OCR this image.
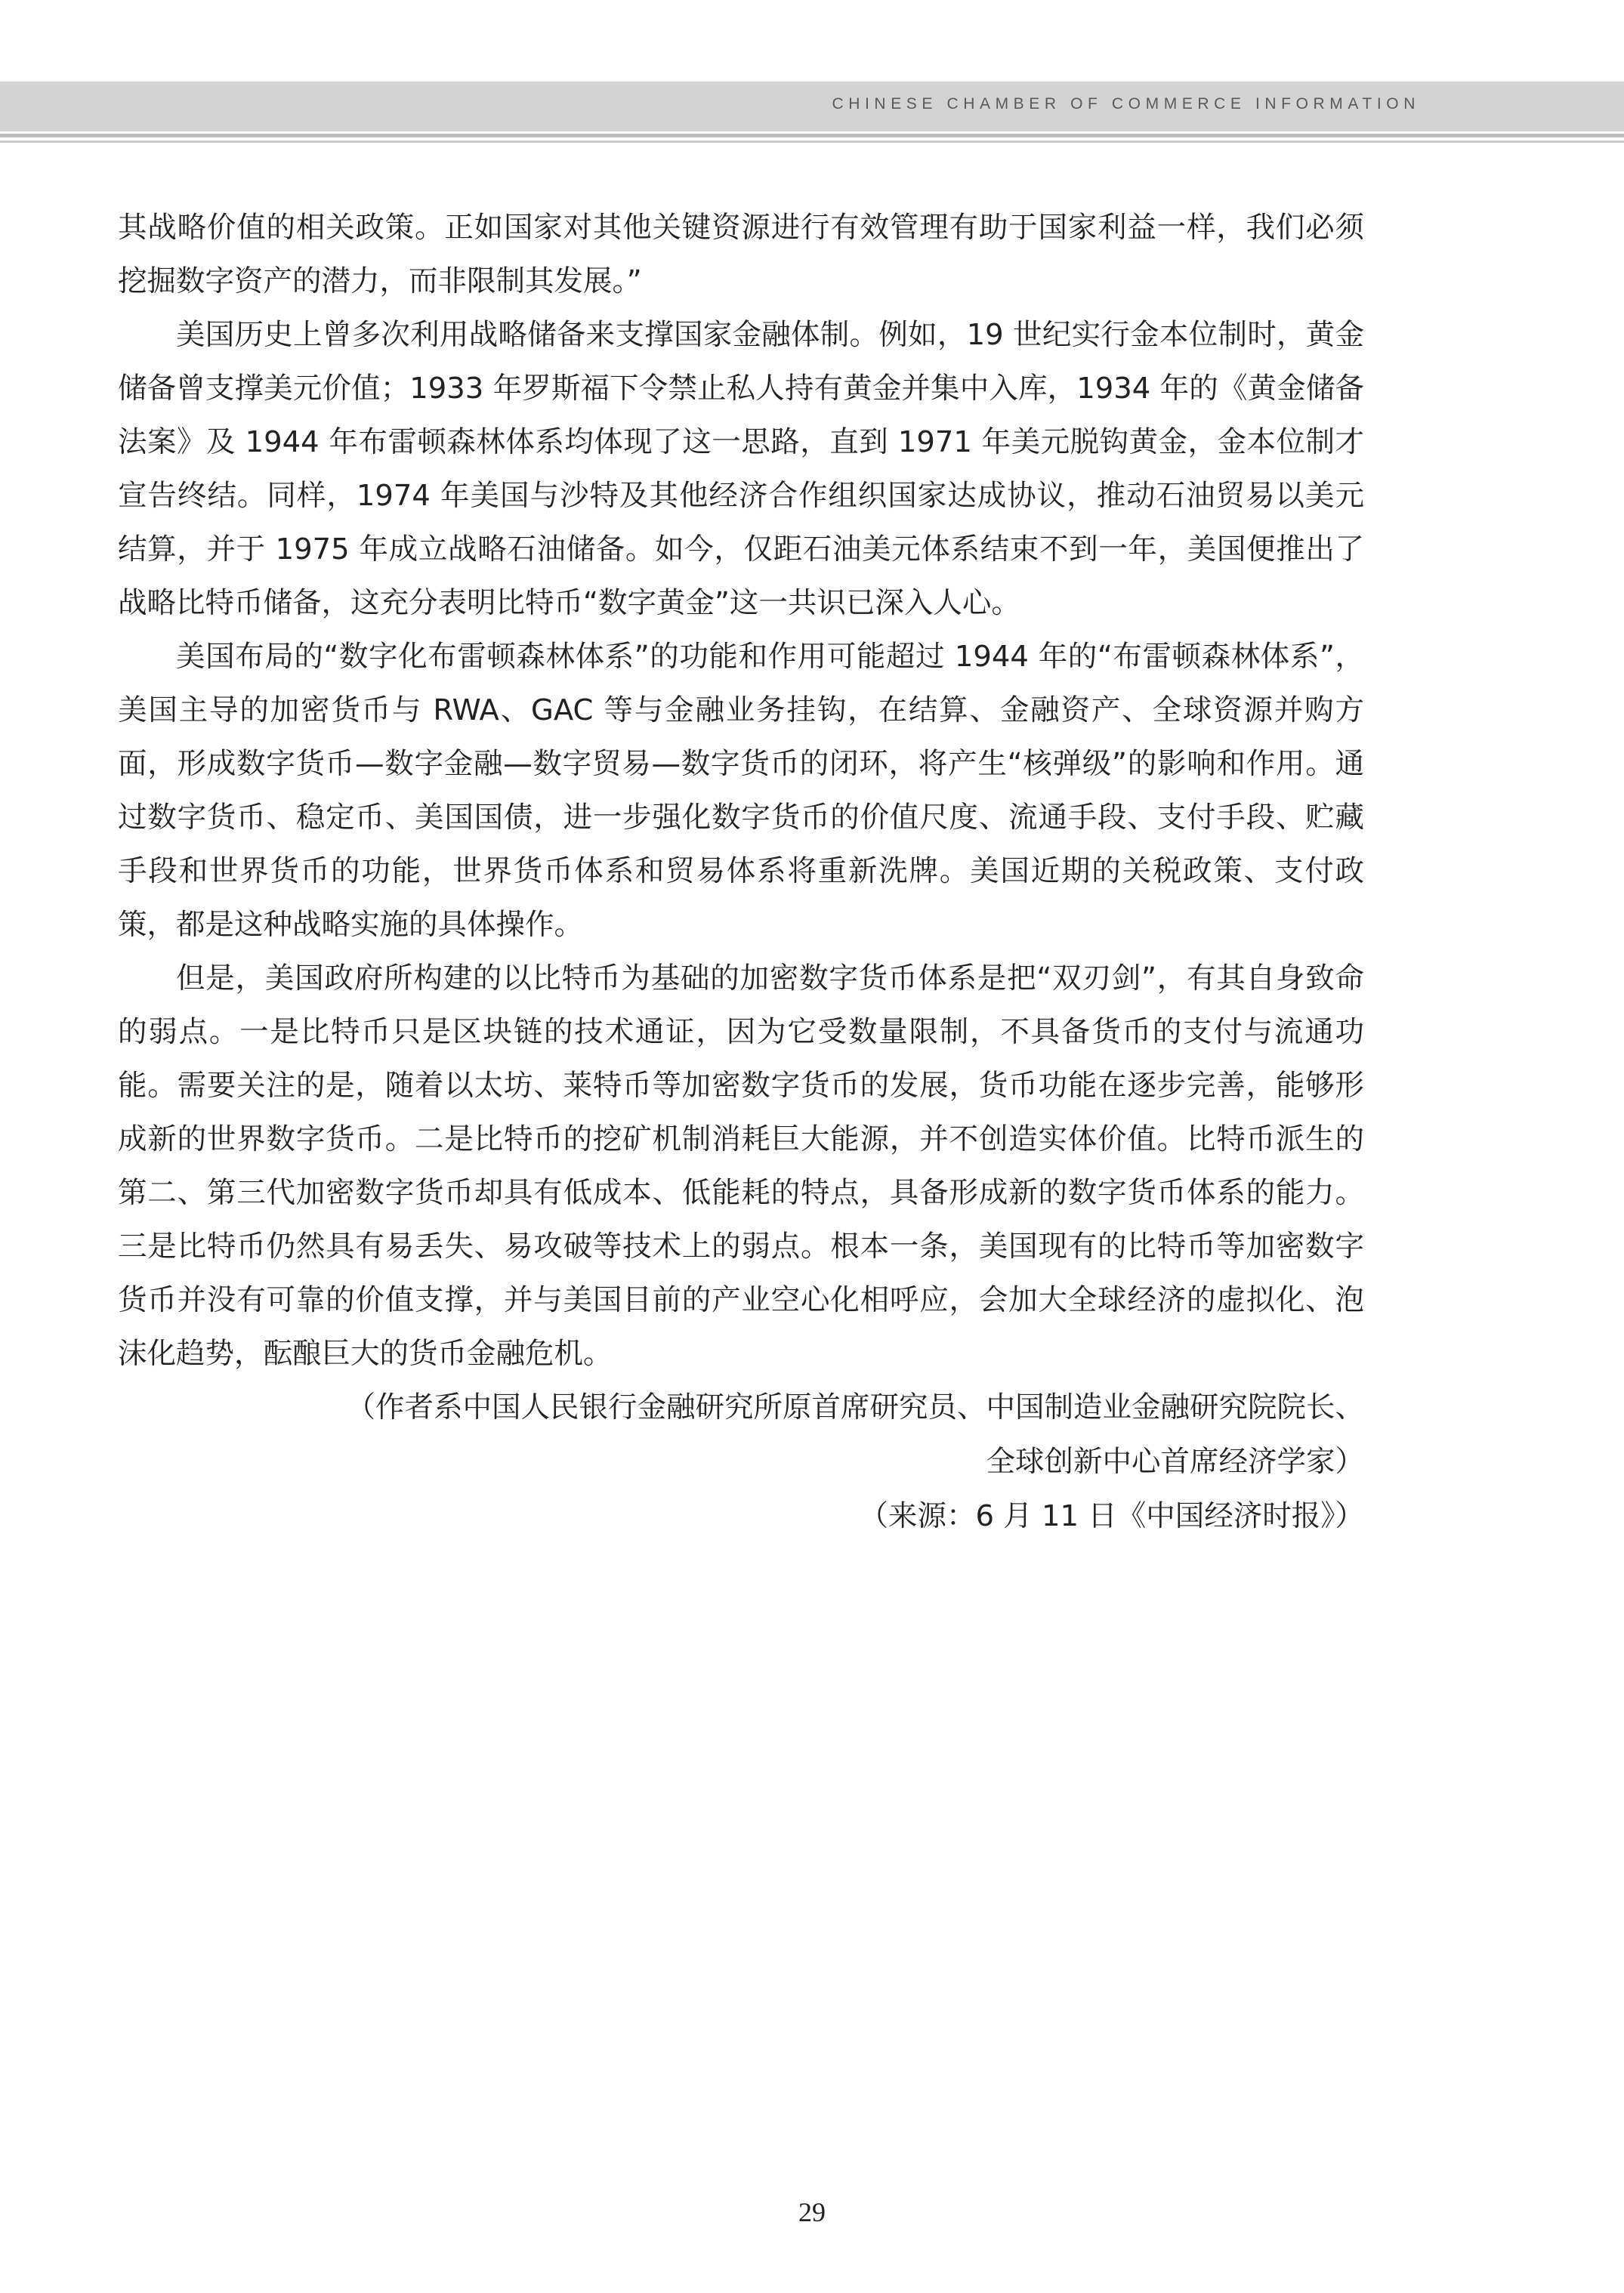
CHINESE CHAMBER OF COMMERCE INFORMATION

其战略价值的相关政策。正如国家对其他关键资源进行有效管理有助于国家利益一样，我们必须挖掘数字资产的潜力，而非限制其发展。”

美国历史上曾多次利用战略储备来支撑国家金融体制。例如，19 世纪实行金本位制时，黄金储备曾支撑美元价值；1933 年罗斯福下令禁止私人持有黄金并集中入库，1934 年的《黄金储备法案》及 1944 年布雷顿森林体系均体现了这一思路，直到 1971 年美元脱钩黄金，金本位制才宣告终结。同样，1974 年美国与沙特及其他经济合作组织国家达成协议，推动石油贸易以美元结算，并于 1975 年成立战略石油储备。如今，仅距石油美元体系结束不到一年，美国便推出了战略比特币储备，这充分表明比特币“数字黄金”这一共识已深入人心。

美国布局的“数字化布雷顿森林体系”的功能和作用可能超过 1944 年的“布雷顿森林体系”，美国主导的加密货币与 RWA、GAC 等与金融业务挂钩，在结算、金融资产、全球资源并购方面，形成数字货币—数字金融—数字贸易—数字货币的闭环，将产生“核弹级”的影响和作用。通过数字货币、稳定币、美国国债，进一步强化数字货币的价值尺度、流通手段、支付手段、贮藏手段和世界货币的功能，世界货币体系和贸易体系将重新洗牌。美国近期的关税政策、支付政策，都是这种战略实施的具体操作。

但是，美国政府所构建的以比特币为基础的加密数字货币体系是把“双刃剑”，有其自身致命的弱点。一是比特币只是区块链的技术通证，因为它受数量限制，不具备货币的支付与流通功能。需要关注的是，随着以太坊、莱特币等加密数字货币的发展，货币功能在逐步完善，能够形成新的世界数字货币。二是比特币的挖矿机制消耗巨大能源，并不创造实体价值。比特币派生的第二、第三代加密数字货币却具有低成本、低能耗的特点，具备形成新的数字货币体系的能力。三是比特币仍然具有易丢失、易攻破等技术上的弱点。根本一条，美国现有的比特币等加密数字货币并没有可靠的价值支撑，并与美国目前的产业空心化相呼应，会加大全球经济的虚拟化、泡沫化趋势，酝酿巨大的货币金融危机。

（作者系中国人民银行金融研究所原首席研究员、中国制造业金融研究院院长、

全球创新中心首席经济学家）

（来源：6 月 11 日《中国经济时报》）

29
